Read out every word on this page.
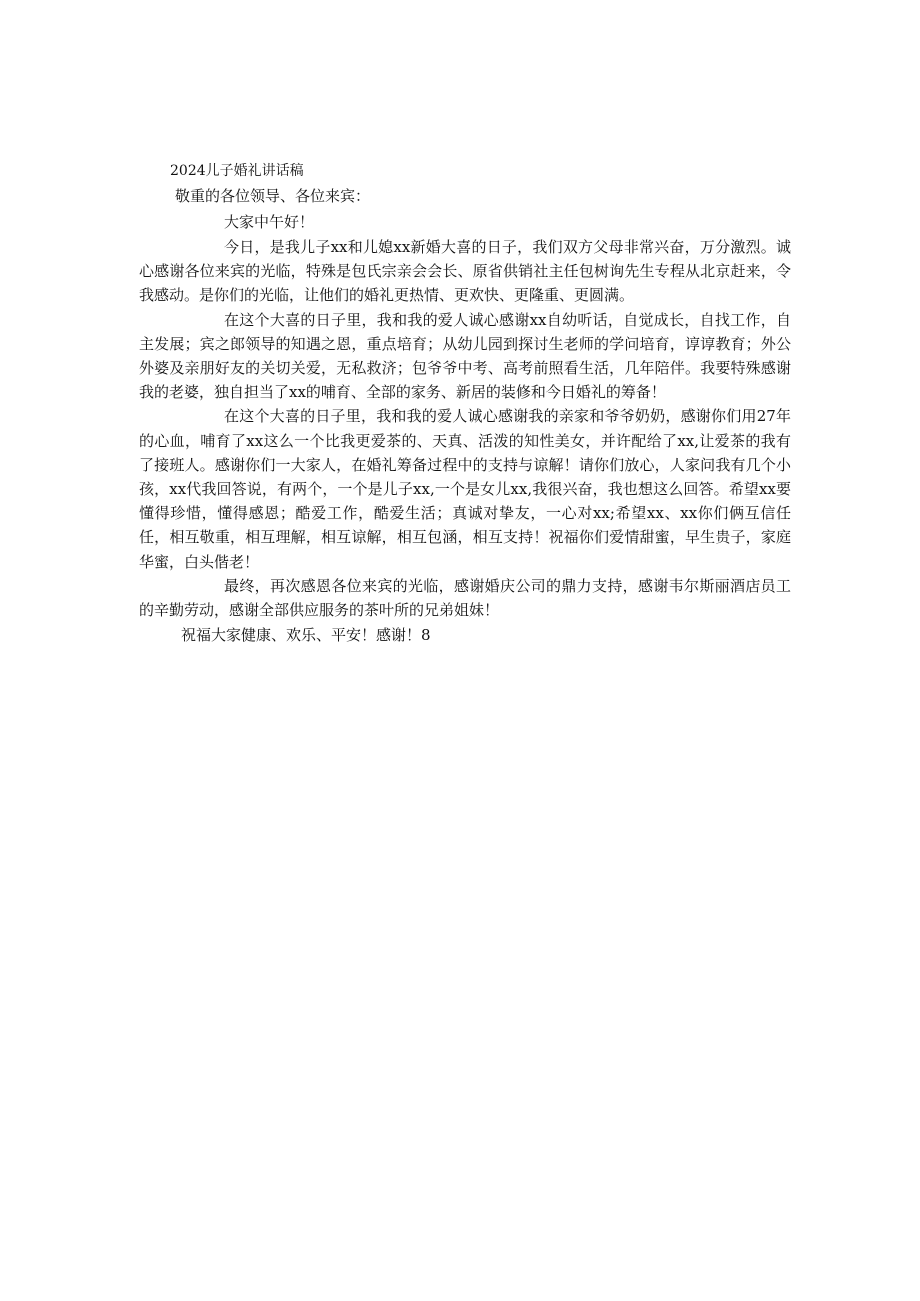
2024儿子婚礼讲话稿
敬重的各位领导、各位来宾：

大家中午好！

今日，是我儿子xx和儿媳xx新婚大喜的日子，我们双方父母非常兴奋，万分激烈。诚心感谢各位来宾的光临，特殊是包氏宗亲会会长、原省供销社主任包树询先生专程从北京赶来，令我感动。是你们的光临，让他们的婚礼更热情、更欢快、更隆重、更圆满。

在这个大喜的日子里，我和我的爱人诚心感谢xx自幼听话，自觉成长，自找工作，自主发展；宾之郎领导的知遇之恩，重点培育；从幼儿园到探讨生老师的学问培育，谆谆教育；外公外婆及亲朋好友的关切关爱，无私救济；包爷爷中考、高考前照看生活，几年陪伴。我要特殊感谢我的老婆，独自担当了xx的哺育、全部的家务、新居的装修和今日婚礼的筹备！

在这个大喜的日子里，我和我的爱人诚心感谢我的亲家和爷爷奶奶，感谢你们用27年的心血，哺育了xx这么一个比我更爱茶的、天真、活泼的知性美女，并许配给了xx,让爱茶的我有了接班人。感谢你们一大家人，在婚礼筹备过程中的支持与谅解！请你们放心，人家问我有几个小孩，xx代我回答说，有两个，一个是儿子xx,一个是女儿xx,我很兴奋，我也想这么回答。希望xx要懂得珍惜，懂得感恩；酷爱工作，酷爱生活；真诚对挚友，一心对xx;希望xx、xx你们俩互信任任，相互敬重，相互理解，相互谅解，相互包涵，相互支持！祝福你们爱情甜蜜，早生贵子，家庭华蜜，白头偕老！

最终，再次感恩各位来宾的光临，感谢婚庆公司的鼎力支持，感谢韦尔斯丽酒店员工的辛勤劳动，感谢全部供应服务的茶叶所的兄弟姐妹！

祝福大家健康、欢乐、平安！感谢！8
